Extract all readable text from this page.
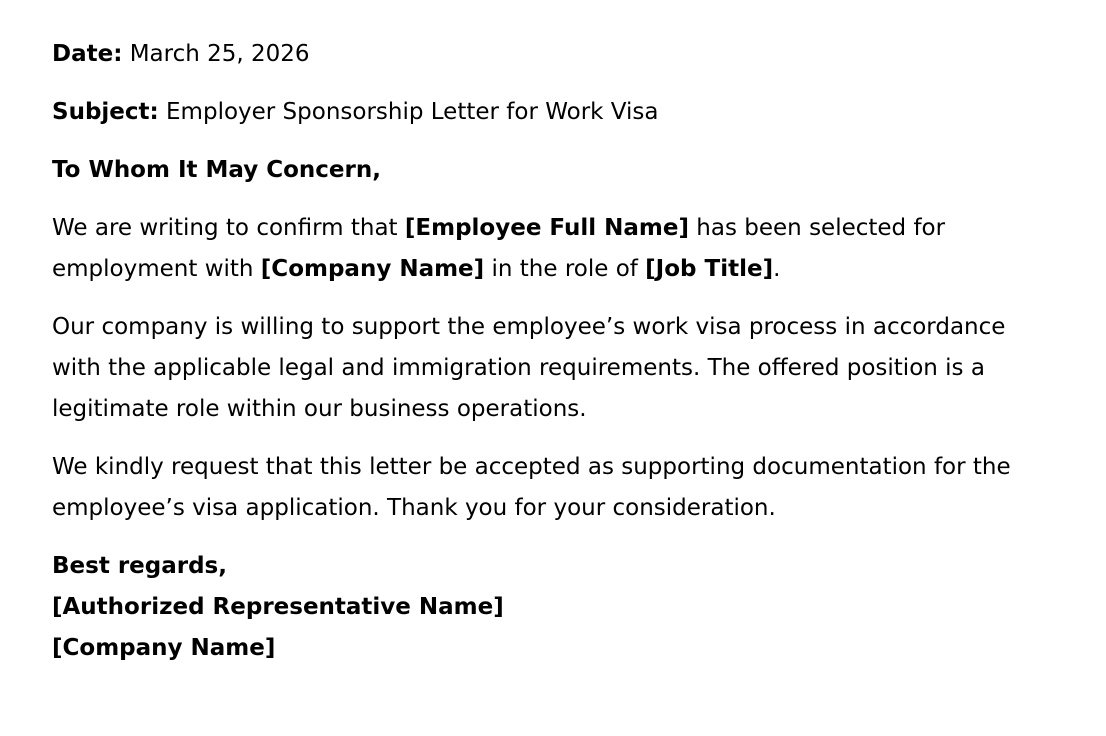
Date: March 25, 2026
Subject: Employer Sponsorship Letter for Work Visa
To Whom It May Concern,
We are writing to confirm that [Employee Full Name] has been selected for
employment with [Company Name] in the role of [Job Title].
Our company is willing to support the employee’s work visa process in accordance
with the applicable legal and immigration requirements. The offered position is a
legitimate role within our business operations.
We kindly request that this letter be accepted as supporting documentation for the
employee’s visa application. Thank you for your consideration.
Best regards,
[Authorized Representative Name]
[Company Name]
